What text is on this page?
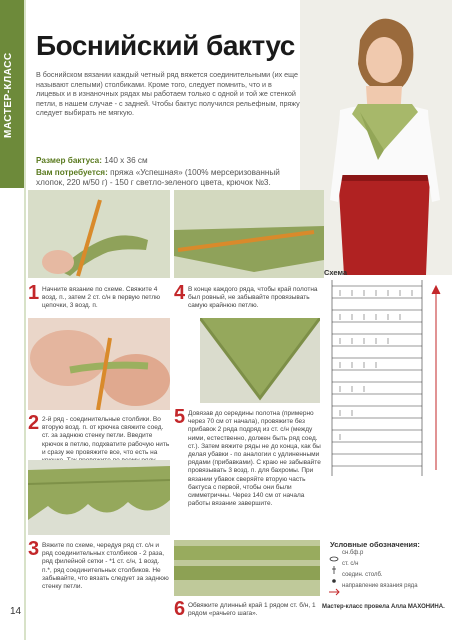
МАСТЕР-КЛАСС
Боснийский бактус
В боснийском вязании каждый четный ряд вяжется соединительными (их еще называют слепыми) столбиками. Кроме того, следует помнить, что и в лицевых и в изнаночных рядах мы работаем только с одной и той же стенкой петли, в нашем случае - с задней. Чтобы бактус получился рельефным, пряжу следует выбирать не мягкую.
Размер бактуса: 140 х 36 см
Вам потребуется: пряжа «Успешная» (100% мерсеризованный хлопок, 220 м/50 г) - 150 г светло-зеленого цвета, крючок №3.
1 Начните вязание по схеме. Свяжите 4 возд. п., затем 2 ст. с/н в первую петлю цепочки, 3 возд. п.
2 2-й ряд - соединительные столбики. Во вторую возд. п. от крючка свяжите соед. ст. за заднюю стенку петли. Введите крючок в петлю, подхватите рабочую нить и сразу же провяжите все, что есть на
3 Вяжите по схеме, чередуя ряд ст. с/н и ряд соединительных столбиков - 2 раза, ряд филейной сетки - *1 ст. с/н, 1 возд. п.*, ряд соединительных столбиков. Не забывайте, что вязать следует за заднюю стенку петли.
4 В конце каждого ряда, чтобы край полотна был ровный, не забывайте провязывать самую крайнюю петлю.
5 Довязав до середины полотна (примерно через 70 см от начала), провяжите без прибавок 2 ряда подряд из ст. с/н (между ними, естественно, должен быть ряд соед. ст.). Затем вяжите ряды не до конца, как бы делая убавки - по аналогии с удлиненными рядами (прибавками). С краю не забывайте провязывать 3 возд. п. для бахромы. При вязании убавок сверяйте вторую часть бактуса с первой, чтобы они были симметричны. Через 140 см от начала работы вязание завершите.
6 Обвяжите длинный край 1 рядом ст. б/н, 1 рядом «рачьего шага».
Схема
Условные обозначения:
сн.бф.р
ст. с/н
соедин. столб.
направление вязания ряда
Мастер-класс провела Алла МАХОНИНА.
14
